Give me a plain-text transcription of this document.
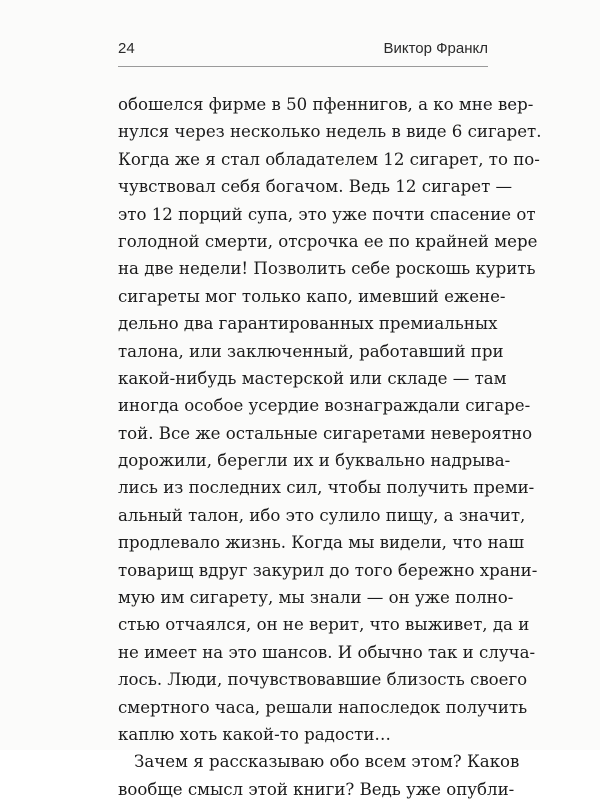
24	Виктор Франкл
обошелся фирме в 50 пфеннигов, а ко мне вер-
нулся через несколько недель в виде 6 сигарет.
Когда же я стал обладателем 12 сигарет, то по-
чувствовал себя богачом. Ведь 12 сигарет —
это 12 порций супа, это уже почти спасение от
голодной смерти, отсрочка ее по крайней мере
на две недели! Позволить себе роскошь курить
сигареты мог только капо, имевший еженe-
дельно два гарантированных премиальных
талона, или заключенный, работавший при
какой-нибудь мастерской или складе — там
иногда особое усердие вознаграждали сигаре-
той. Все же остальные сигаретами невероятно
дорожили, берегли их и буквально надрыва-
лись из последних сил, чтобы получить преми-
альный талон, ибо это сулило пищу, а значит,
продлевало жизнь. Когда мы видели, что наш
товарищ вдруг закурил до того бережно храни-
мую им сигарету, мы знали — он уже полно-
стью отчаялся, он не верит, что выживет, да и
не имеет на это шансов. И обычно так и случа-
лось. Люди, почувствовавшие близость своего
смертного часа, решали напоследок получить
каплю хоть какой-то радости…
Зачем я рассказываю обо всем этом? Каков
вообще смысл этой книги? Ведь уже опубли-
